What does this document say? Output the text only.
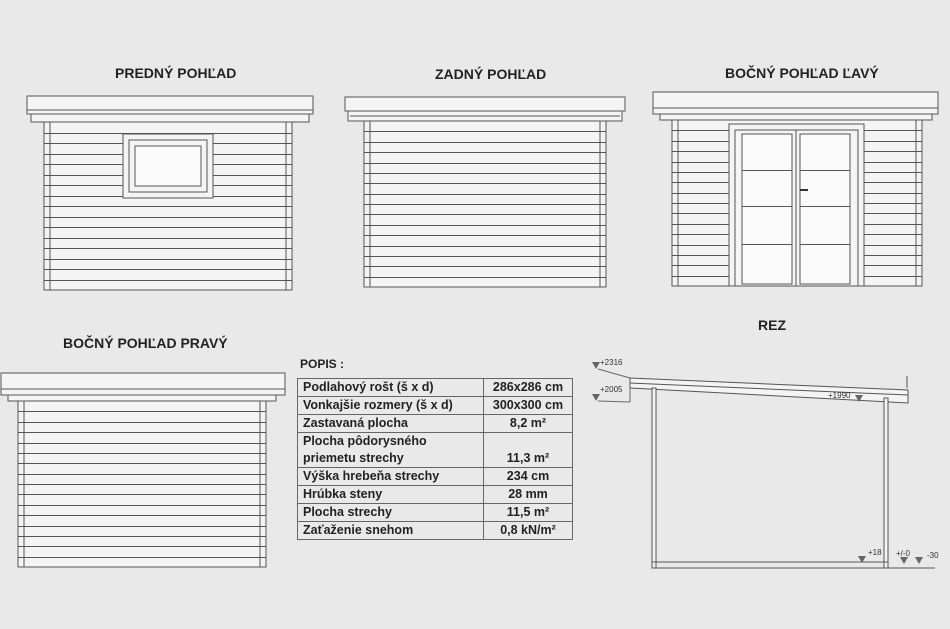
PREDNÝ POHĽAD	ZADNÝ POHĽAD	BOČNÝ POHĽAD ĽAVÝ
BOČNÝ POHĽAD PRAVÝ
REZ
+2316
+2005
+1990
+18 +/-0 -30
POPIS :
Podlahový rošt (š x d)	286x286 cm
Vonkajšie rozmery (š x d)	300x300 cm
Zastavaná plocha	8,2 m²
Plocha pôdorysného
priemetu strechy	11,3 m²
Výška hrebeňa strechy	234 cm
Hrúbka steny	28 mm
Plocha strechy	11,5 m²
Zaťaženie snehom	0,8 kN/m²
